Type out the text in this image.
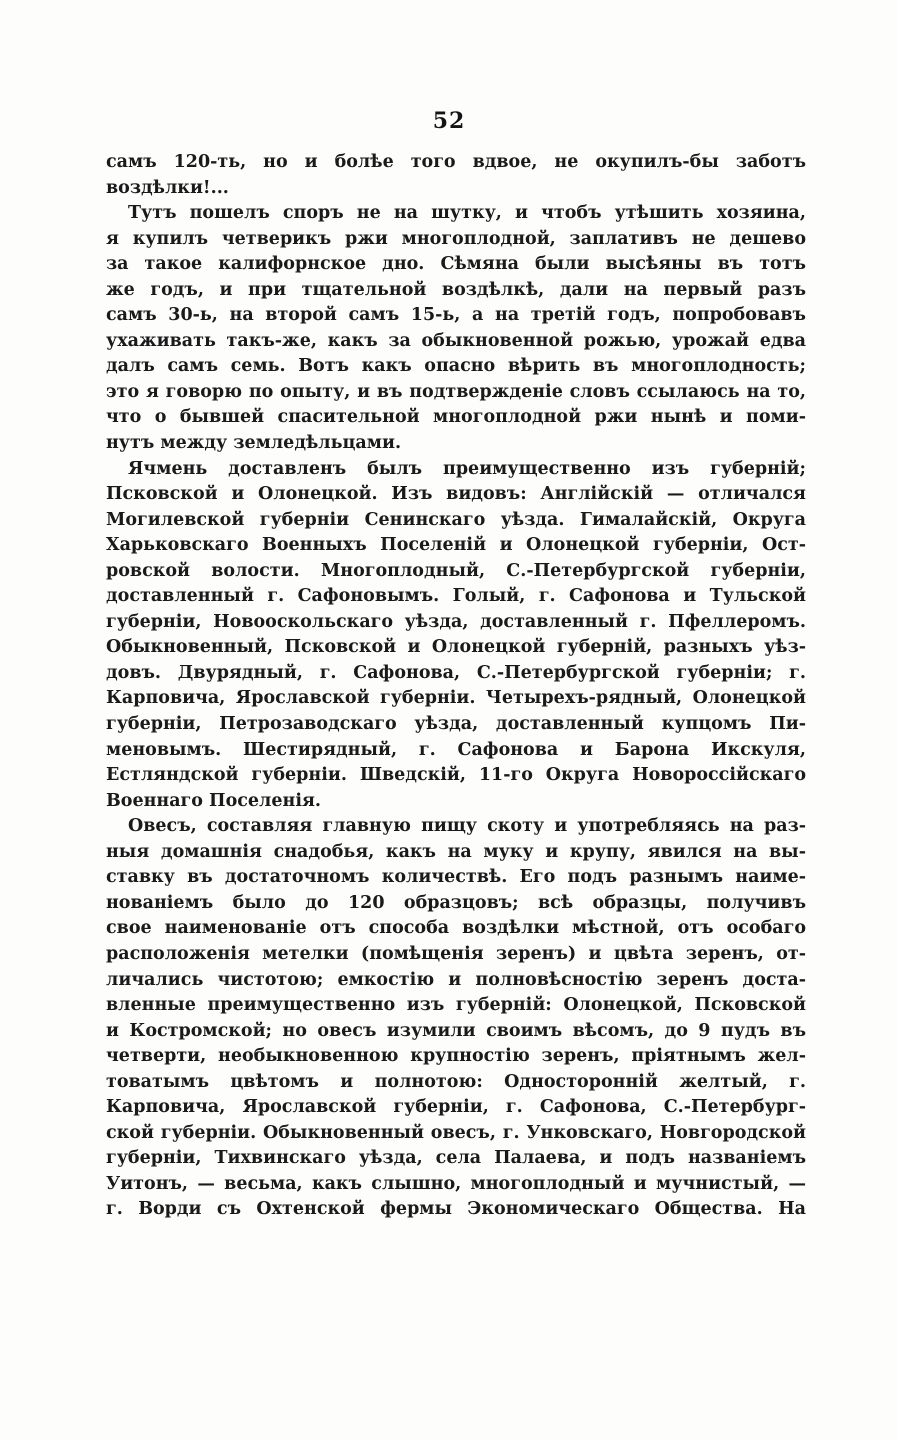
52
самъ 120-ть, но и болѣе того вдвое, не окупилъ-бы заботъ
воздѣлки!...
Тутъ пошелъ споръ не на шутку, и чтобъ утѣшить хозяина,
я купилъ четверикъ ржи многоплодной, заплативъ не дешево
за такое калифорнское дно. Сѣмяна были высѣяны въ тотъ
же годъ, и при тщательной воздѣлкѣ, дали на первый разъ
самъ 30-ь, на второй самъ 15-ь, а на третій годъ, попробовавъ
ухаживать такъ-же, какъ за обыкновенной рожью, урожай едва
далъ самъ семь. Вотъ какъ опасно вѣрить въ многоплодность;
это я говорю по опыту, и въ подтвержденіе словъ ссылаюсь на то,
что о бывшей спасительной многоплодной ржи нынѣ и поми-
нутъ между земледѣльцами.
Ячмень доставленъ былъ преимущественно изъ губерній;
Псковской и Олонецкой. Изъ видовъ: Англійскій — отличался
Могилевской губерніи Сенинскаго уѣзда. Гималайскій, Округа
Харьковскаго Военныхъ Поселеній и Олонецкой губерніи, Ост-
ровской волости. Многоплодный, С.-Петербургской губерніи,
доставленный г. Сафоновымъ. Голый, г. Сафонова и Тульской
губерніи, Новооскольскаго уѣзда, доставленный г. Пфеллеромъ.
Обыкновенный, Псковской и Олонецкой губерній, разныхъ уѣз-
довъ. Двурядный, г. Сафонова, С.-Петербургской губерніи; г.
Карповича, Ярославской губерніи. Четырехъ-рядный, Олонецкой
губерніи, Петрозаводскаго уѣзда, доставленный купцомъ Пи-
меновымъ. Шестирядный, г. Сафонова и Барона Икскуля,
Естляндской губерніи. Шведскій, 11-го Округа Новороссійскаго
Военнаго Поселенія.
Овесъ, составляя главную пищу скоту и употребляясь на раз-
ныя домашнія снадобья, какъ на муку и крупу, явился на вы-
ставку въ достаточномъ количествѣ. Его подъ разнымъ наиме-
нованіемъ было до 120 образцовъ; всѣ образцы, получивъ
свое наименованіе отъ способа воздѣлки мѣстной, отъ особаго
расположенія метелки (помѣщенія зеренъ) и цвѣта зеренъ, от-
личались чистотою; емкостію и полновѣсностію зеренъ доста-
вленные преимущественно изъ губерній: Олонецкой, Псковской
и Костромской; но овесъ изумили своимъ вѣсомъ, до 9 пудъ въ
четверти, необыкновенною крупностію зеренъ, пріятнымъ жел-
товатымъ цвѣтомъ и полнотою: Односторонній желтый, г.
Карповича, Ярославской губерніи, г. Сафонова, С.-Петербург-
ской губерніи. Обыкновенный овесъ, г. Унковскаго, Новгородской
губерніи, Тихвинскаго уѣзда, села Палаева, и подъ названіемъ
Уитонъ, — весьма, какъ слышно, многоплодный и мучнистый, —
г. Ворди съ Охтенской фермы Экономическаго Общества. На
